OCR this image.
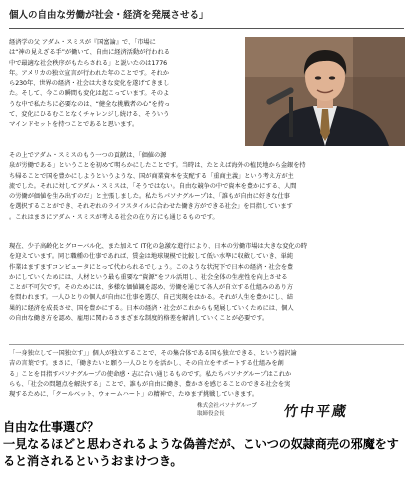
個人の自由な労働が社会・経済を発展させる」

経済学の父 アダム・スミスが『国富論』で、「市場に
は“神の見えざる手”が働いて、自由に経済活動が行われる
中で最適な社会秩序がもたらされる」と説いたのは1776
年。アメリカの独立宣言が行われた年のことです。それか
ら230年、世界の経済・社会は大きな変化を遂げてきまし
た。そして、今この瞬間も変化は起こっています。そのよ
うな中で私たちに必要なのは、“健全な挑戦者の心”を持っ
て、変化にひるむことなくチャレンジし続ける、そういう
マインドセットを持つことであると思います。

その上でアダム・スミスのもう一つの貢献は、「価値の源
泉が労働である」ということを初めて明らかにしたことです。当時は、たとえば海外の植民地から金銀を持
ち帰ることで国を豊かにしようというような、国が商業資本を支配する「重商主義」という考え方が主
流でした。それに対してアダム・スミスは、「そうではない。自由な競争の中で資本を豊かにする、人間
の労働が価値を生み出すのだ」と主張しました。私たちパソナグループは、「誰もが自由に好きな仕事
を選択することができ、それぞれのライフスタイルに合わせた働き方ができる社会」を目指しています
。これはまさにアダム・スミスが考える社会の在り方にも通じるものです。

現在、少子高齢化とグローバル化、また加えて IT化の急激な進行により、日本の労働市場は大きな変化の時
を迎えています。同じ職種の仕事であれば、賃金は地球規模で比較して低い水準に収斂していき、単純
作業はますますコンピュータにとって代わられるでしょう。このような状況下で日本の経済・社会を豊
かにしていくためには、人材という最も重要な“資源”をフル活用し、社会全体の生産性を向上させる
ことが不可欠です。そのためには、多様な価値観を認め、労働を通じて各人が自立する仕組みのあり方
を問われます。一人ひとりの個人が自由に仕事を選び、自己実現をはかる。それが人生を豊かにし、結
果的に経済を成長させ、国を豊かにする。日本の経済・社会がこれからも発展していくためには、個人
の自由な働き方を認め、雇用に関わるさまざまな制度的格差を解消していくことが必要です。

「一身独立して一国独立す」」個人が独立することで、その集合体である国も独立できる、という福沢諭
吉の言葉です。まさに、「働きたいと願う一人ひとりを活かし、その自立をサポートする仕組みを創
る」ことを目指すパソナグループの使命感・志に合い通じるものです。私たちパソナグループはこれか
らも、「社会の問題点を解決する」ことで、誰もが自由に働き、豊かさを感じることのできる社会を実
現するために、「クールベット、ウォームハート」の精神で、たゆまず挑戦していきます。

株式会社パソナグループ
取締役会長	竹中平蔵
自由な仕事選び？
一見なるほどと思わされるような偽善だが、こいつの奴隷商売の邪魔をす
ると消されるというおまけつき。
